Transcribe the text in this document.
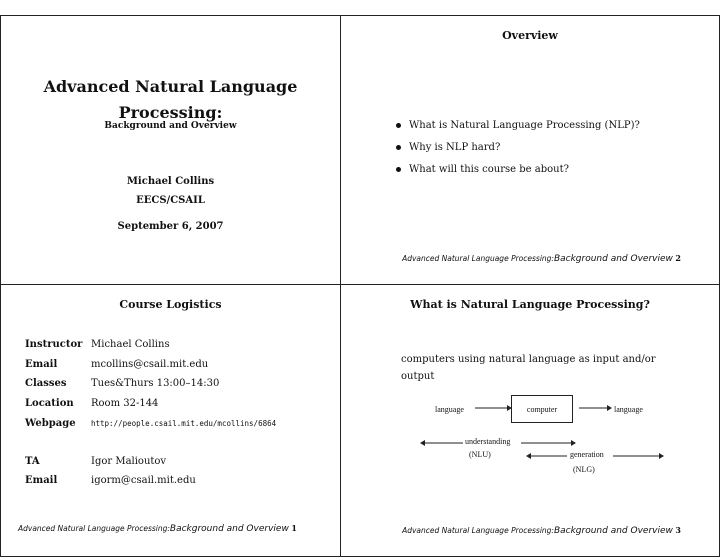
Advanced Natural Language
Processing:
Background and Overview
Michael Collins
EECS/CSAIL
September 6, 2007
Overview
What is Natural Language Processing (NLP)?
Why is NLP hard?
What will this course be about?
Advanced Natural Language Processing:Background and Overview 2
Course Logistics
Instructor Michael Collins
Email	mcollins@csail.mit.edu
Classes	Tues&Thurs 13:00–14:30
Location	Room 32-144
Webpage	http://people.csail.mit.edu/mcollins/6864
TA	Igor Malioutov
Email	igorm@csail.mit.edu
Advanced Natural Language Processing:Background and Overview 1
What is Natural Language Processing?
computers using natural language as input and/or
output
language	computer	language
understanding
(NLU)	generation
(NLG)
Advanced Natural Language Processing:Background and Overview 3
